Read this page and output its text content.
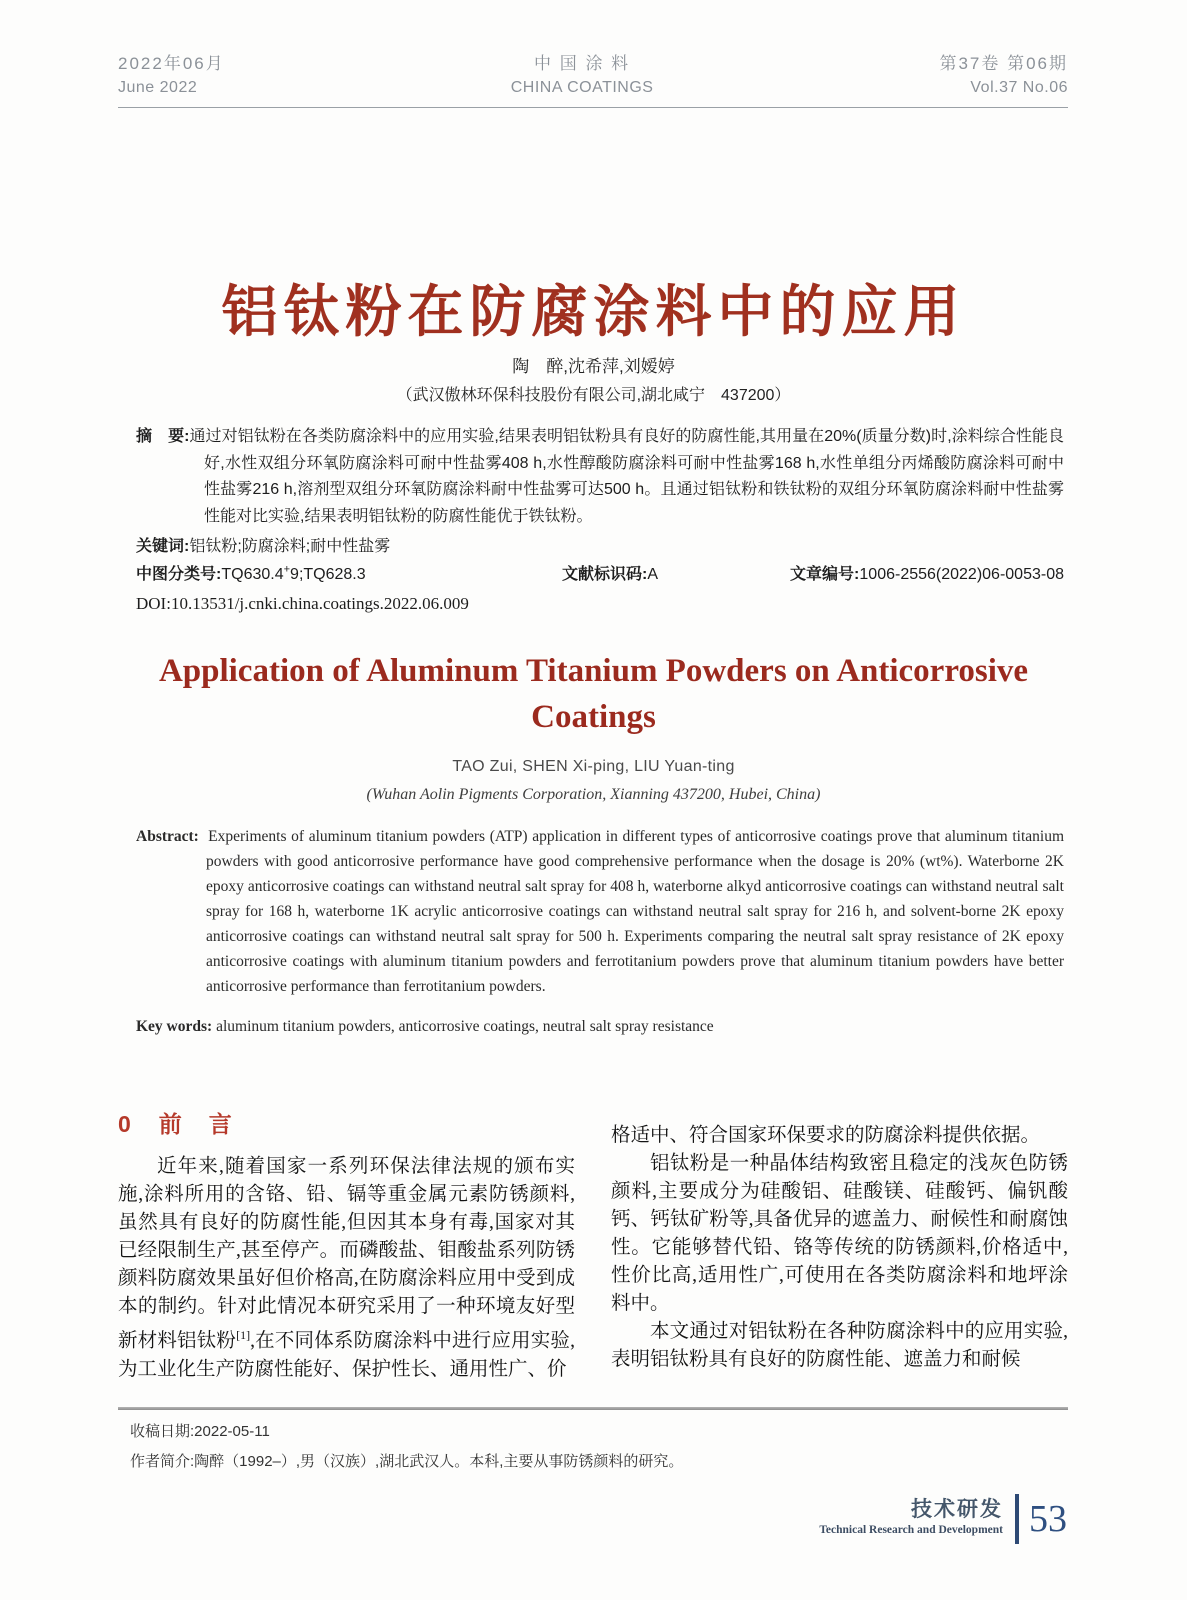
2022年06月
June 2022
中 国 涂 料
CHINA COATINGS
第37卷 第06期
Vol.37 No.06
铝钛粉在防腐涂料中的应用
陶　醉,沈希萍,刘嫒婷
（武汉傲林环保科技股份有限公司,湖北咸宁　437200）
摘　要:通过对铝钛粉在各类防腐涂料中的应用实验,结果表明铝钛粉具有良好的防腐性能,其用量在20%(质量分数)时,涂料综合性能良好,水性双组分环氧防腐涂料可耐中性盐雾408 h,水性醇酸防腐涂料可耐中性盐雾168 h,水性单组分丙烯酸防腐涂料可耐中性盐雾216 h,溶剂型双组分环氧防腐涂料耐中性盐雾可达500 h。且通过铝钛粉和铁钛粉的双组分环氧防腐涂料耐中性盐雾性能对比实验,结果表明铝钛粉的防腐性能优于铁钛粉。
关键词:铝钛粉;防腐涂料;耐中性盐雾
中图分类号:TQ630.4+9;TQ628.3	文献标识码:A	文章编号:1006-2556(2022)06-0053-08
DOI:10.13531/j.cnki.china.coatings.2022.06.009
Application of Aluminum Titanium Powders on Anticorrosive
Coatings
TAO Zui, SHEN Xi-ping, LIU Yuan-ting
(Wuhan Aolin Pigments Corporation, Xianning 437200, Hubei, China)
Abstract: Experiments of aluminum titanium powders (ATP) application in different types of anticorrosive coatings prove that aluminum titanium powders with good anticorrosive performance have good comprehensive performance when the dosage is 20% (wt%). Waterborne 2K epoxy anticorrosive coatings can withstand neutral salt spray for 408 h, waterborne alkyd anticorrosive coatings can withstand neutral salt spray for 168 h, waterborne 1K acrylic anticorrosive coatings can withstand neutral salt spray for 216 h, and solvent-borne 2K epoxy anticorrosive coatings can withstand neutral salt spray for 500 h. Experiments comparing the neutral salt spray resistance of 2K epoxy anticorrosive coatings with aluminum titanium powders and ferrotitanium powders prove that aluminum titanium powders have better anticorrosive performance than ferrotitanium powders.
Key words: aluminum titanium powders, anticorrosive coatings, neutral salt spray resistance
0 前　言
近年来,随着国家一系列环保法律法规的颁布实施,涂料所用的含铬、铅、镉等重金属元素防锈颜料,虽然具有良好的防腐性能,但因其本身有毒,国家对其已经限制生产,甚至停产。而磷酸盐、钼酸盐系列防锈颜料防腐效果虽好但价格高,在防腐涂料应用中受到成本的制约。针对此情况本研究采用了一种环境友好型新材料铝钛粉[1],在不同体系防腐涂料中进行应用实验,为工业化生产防腐性能好、保护性长、通用性广、价
格适中、符合国家环保要求的防腐涂料提供依据。
铝钛粉是一种晶体结构致密且稳定的浅灰色防锈颜料,主要成分为硅酸铝、硅酸镁、硅酸钙、偏钒酸钙、钙钛矿粉等,具备优异的遮盖力、耐候性和耐腐蚀性。它能够替代铅、铬等传统的防锈颜料,价格适中,性价比高,适用性广,可使用在各类防腐涂料和地坪涂料中。
本文通过对铝钛粉在各种防腐涂料中的应用实验,表明铝钛粉具有良好的防腐性能、遮盖力和耐候
收稿日期:2022-05-11
作者简介:陶醉（1992–）,男（汉族）,湖北武汉人。本科,主要从事防锈颜料的研究。
技术研发
Technical Research and Development 53
